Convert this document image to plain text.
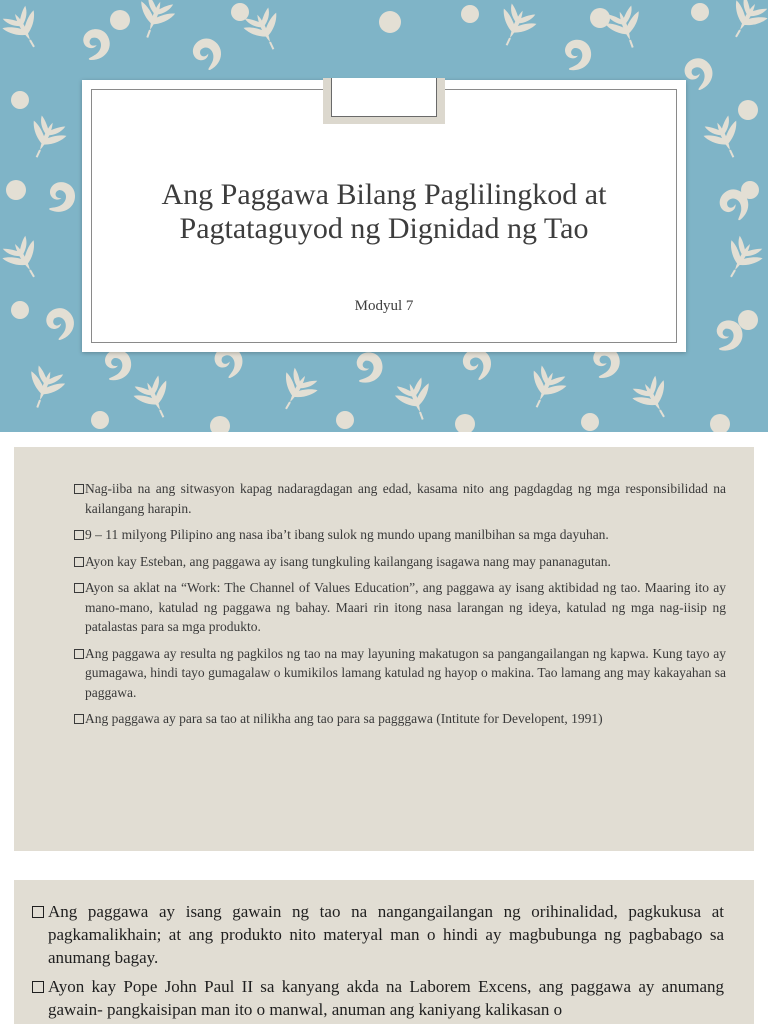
Ang Paggawa Bilang Paglilingkod at
Pagtataguyod ng Dignidad ng Tao
Modyul 7
Nag-iiba na ang sitwasyon kapag nadaragdagan ang edad, kasama nito ang pagdagdag ng mga responsibilidad na kailangang harapin.
9 – 11 milyong Pilipino ang nasa iba’t ibang sulok ng mundo upang manilbihan sa mga dayuhan.
Ayon kay Esteban, ang paggawa ay isang tungkuling kailangang isagawa nang may pananagutan.
Ayon sa aklat na “Work: The Channel of Values Education”, ang paggawa ay isang aktibidad ng tao. Maaring ito ay mano-mano, katulad ng paggawa ng bahay. Maari rin itong nasa larangan ng ideya, katulad ng mga nag-iisip ng patalastas para sa mga produkto.
Ang paggawa ay resulta ng pagkilos ng tao na may layuning makatugon sa pangangailangan ng kapwa. Kung tayo ay gumagawa, hindi tayo gumagalaw o kumikilos lamang katulad ng hayop o makina. Tao lamang ang may kakayahan sa paggawa.
Ang paggawa ay para sa tao at nilikha ang tao para sa pagggawa (Intitute for Developent, 1991)
Ang paggawa ay isang gawain ng tao na nangangailangan ng orihinalidad, pagkukusa at pagkamalikhain; at ang produkto nito materyal man o hindi ay magbubunga ng pagbabago sa anumang bagay.
Ayon kay Pope John Paul II sa kanyang akda na Laborem Excens, ang paggawa ay anumang gawain- pangkaisipan man ito o manwal, anuman ang kaniyang kalikasan o
